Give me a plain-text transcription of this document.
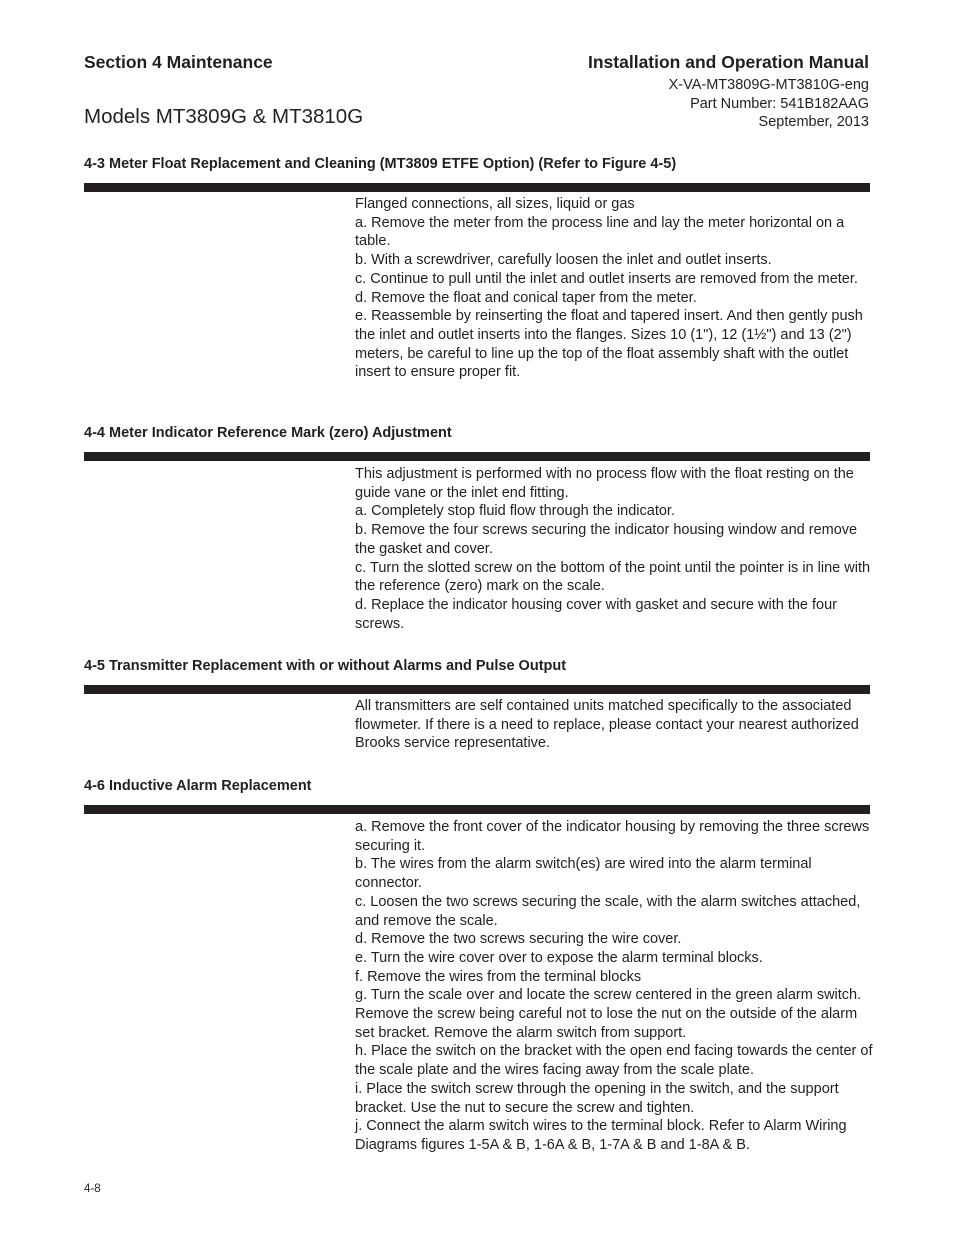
Section 4 Maintenance
Models MT3809G & MT3810G
Installation and Operation Manual
X-VA-MT3809G-MT3810G-eng
Part Number: 541B182AAG
September, 2013
4-3 Meter Float Replacement and Cleaning (MT3809 ETFE Option) (Refer to Figure 4-5)
Flanged connections, all sizes, liquid or gas
a. Remove the meter from the process line and lay the meter horizontal on a table.
b. With a screwdriver, carefully loosen the inlet and outlet inserts.
c. Continue to pull until the inlet and outlet inserts are removed from the meter.
d. Remove the float and conical taper from the meter.
e. Reassemble by reinserting the float and tapered insert. And then gently push the inlet and outlet inserts into the flanges. Sizes 10 (1"), 12 (1½") and 13 (2") meters, be careful to line up the top of the float assembly shaft with the outlet insert to ensure proper fit.
4-4 Meter Indicator Reference Mark (zero) Adjustment
This adjustment is performed with no process flow with the float resting on the guide vane or the inlet end fitting.
a. Completely stop fluid flow through the indicator.
b. Remove the four screws securing the indicator housing window and remove the gasket and cover.
c. Turn the slotted screw on the bottom of the point until the pointer is in line with the reference (zero) mark on the scale.
d. Replace the indicator housing cover with gasket and secure with the four screws.
4-5 Transmitter Replacement with or without Alarms and Pulse Output
All transmitters are self contained units matched specifically to the associated flowmeter. If there is a need to replace, please contact your nearest authorized Brooks service representative.
4-6 Inductive Alarm Replacement
a. Remove the front cover of the indicator housing by removing the three screws securing it.
b. The wires from the alarm switch(es) are wired into the alarm terminal connector.
c. Loosen the two screws securing the scale, with the alarm switches attached, and remove the scale.
d. Remove the two screws securing the wire cover.
e. Turn the wire cover over to expose the alarm terminal blocks.
f. Remove the wires from the terminal blocks
g. Turn the scale over and locate the screw centered in the green alarm switch. Remove the screw being careful not to lose the nut on the outside of the alarm set bracket. Remove the alarm switch from support.
h. Place the switch on the bracket with the open end facing towards the center of the scale plate and the wires facing away from the scale plate.
i. Place the switch screw through the opening in the switch, and the support bracket. Use the nut to secure the screw and tighten.
j. Connect the alarm switch wires to the terminal block. Refer to Alarm Wiring Diagrams figures 1-5A & B, 1-6A & B, 1-7A & B and 1-8A & B.
4-8
